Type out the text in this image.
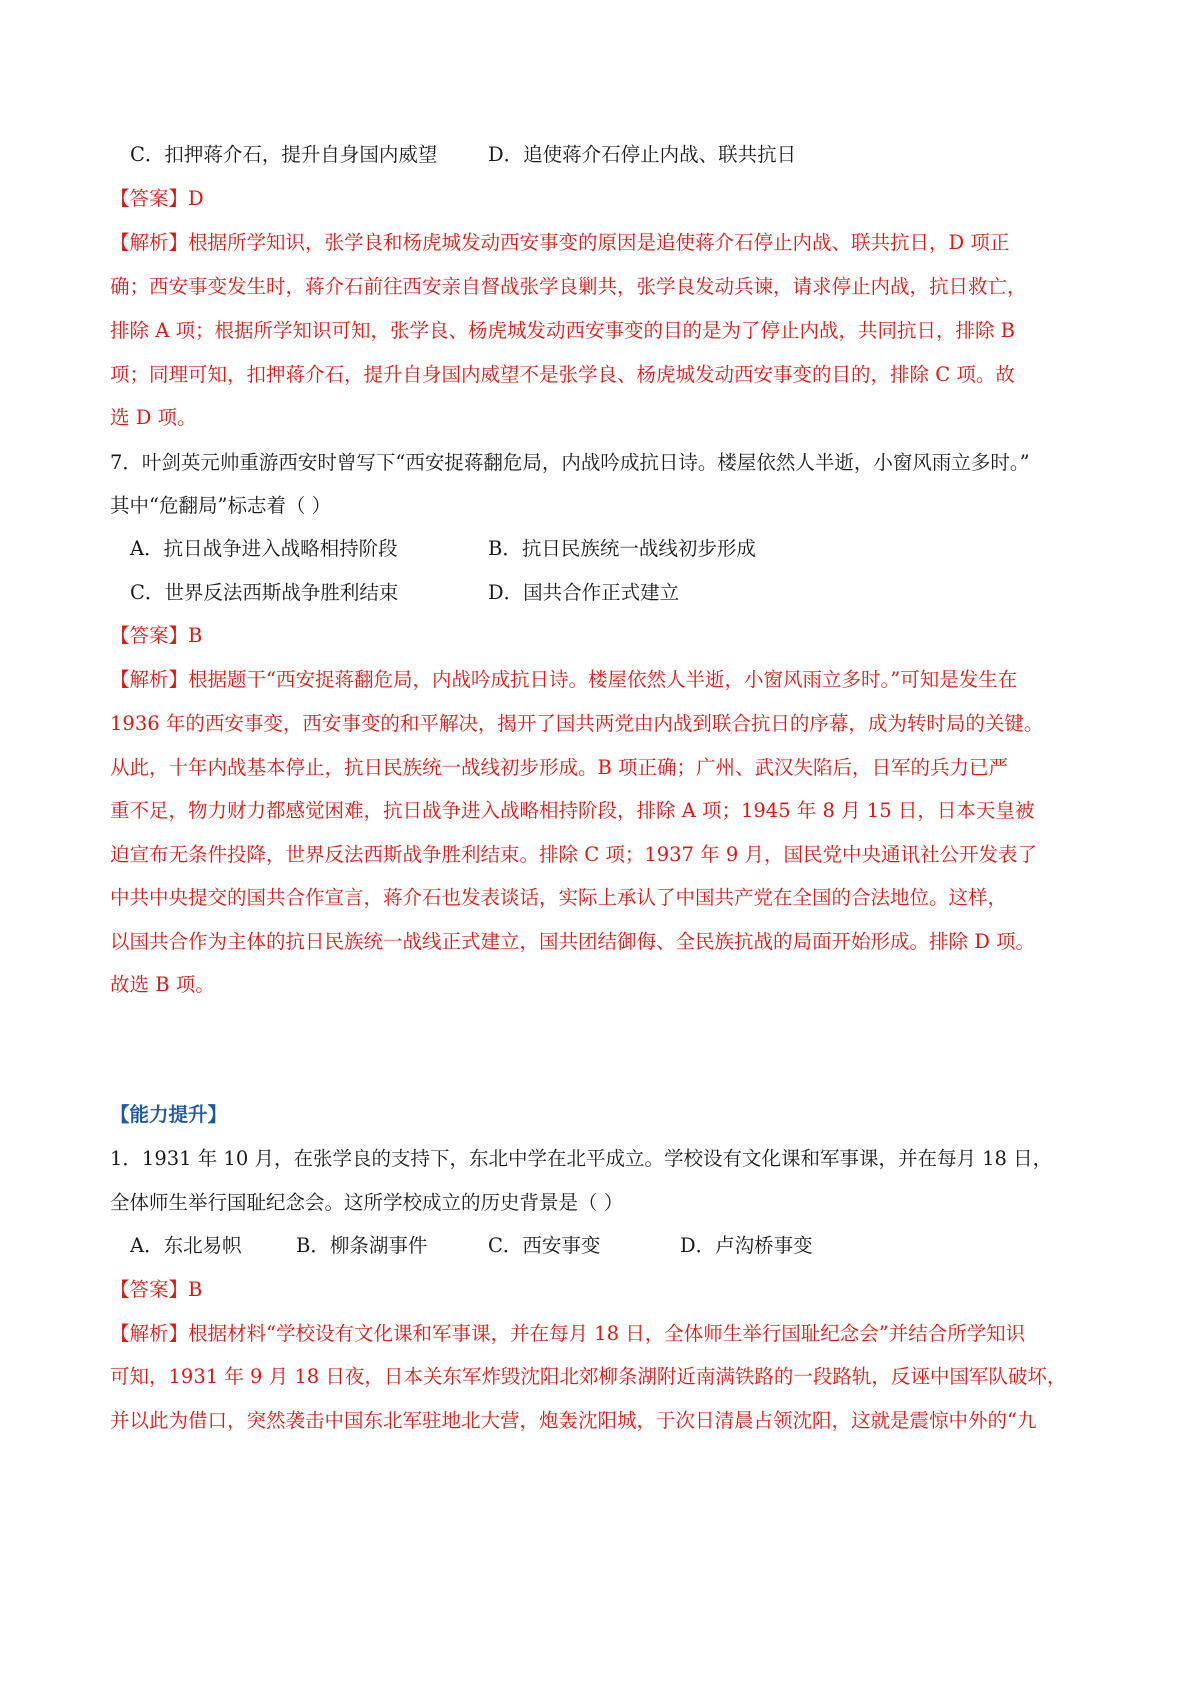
C．扣押蒋介石，提升自身国内威望	D．追使蒋介石停止内战、联共抗日
【答案】D
【解析】根据所学知识，张学良和杨虎城发动西安事变的原因是追使蒋介石停止内战、联共抗日，D 项正
确；西安事变发生时，蒋介石前往西安亲自督战张学良剿共，张学良发动兵谏，请求停止内战，抗日救亡，
排除 A 项；根据所学知识可知，张学良、杨虎城发动西安事变的目的是为了停止内战，共同抗日，排除 B
项；同理可知，扣押蒋介石，提升自身国内威望不是张学良、杨虎城发动西安事变的目的，排除 C 项。故
选 D 项。
7．叶剑英元帅重游西安时曾写下“西安捉蒋翻危局，内战吟成抗日诗。楼屋依然人半逝，小窗风雨立多时。”
其中“危翻局”标志着（ ）
A．抗日战争进入战略相持阶段	B．抗日民族统一战线初步形成
C．世界反法西斯战争胜利结束	D．国共合作正式建立
【答案】B
【解析】根据题干“西安捉蒋翻危局，内战吟成抗日诗。楼屋依然人半逝，小窗风雨立多时。”可知是发生在
1936 年的西安事变，西安事变的和平解决，揭开了国共两党由内战到联合抗日的序幕，成为转时局的关键。
从此，十年内战基本停止，抗日民族统一战线初步形成。B 项正确；广州、武汉失陷后，日军的兵力已严
重不足，物力财力都感觉困难，抗日战争进入战略相持阶段，排除 A 项；1945 年 8 月 15 日，日本天皇被
迫宣布无条件投降，世界反法西斯战争胜利结束。排除 C 项；1937 年 9 月，国民党中央通讯社公开发表了
中共中央提交的国共合作宣言，蒋介石也发表谈话，实际上承认了中国共产党在全国的合法地位。这样，
以国共合作为主体的抗日民族统一战线正式建立，国共团结御侮、全民族抗战的局面开始形成。排除 D 项。
故选 B 项。
【能力提升】
1．1931 年 10 月，在张学良的支持下，东北中学在北平成立。学校设有文化课和军事课，并在每月 18 日，
全体师生举行国耻纪念会。这所学校成立的历史背景是（ ）
A．东北易帜	B．柳条湖事件	C．西安事变	D．卢沟桥事变
【答案】B
【解析】根据材料“学校设有文化课和军事课，并在每月 18 日，全体师生举行国耻纪念会”并结合所学知识
可知，1931 年 9 月 18 日夜，日本关东军炸毁沈阳北郊柳条湖附近南满铁路的一段路轨，反诬中国军队破坏，
并以此为借口，突然袭击中国东北军驻地北大营，炮轰沈阳城，于次日清晨占领沈阳，这就是震惊中外的“九
